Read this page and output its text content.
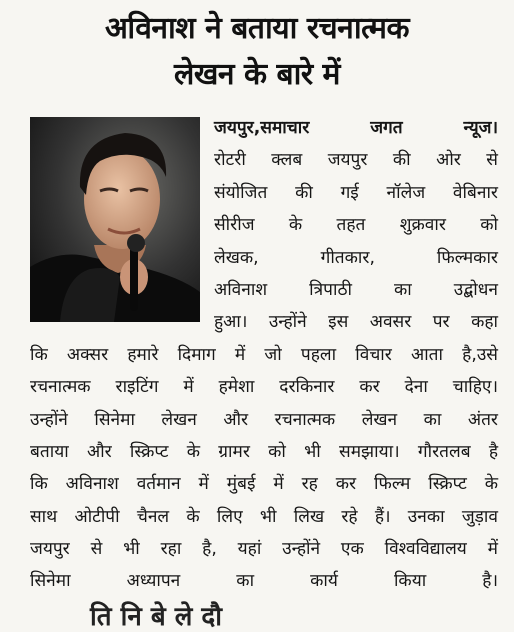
अविनाश ने बताया रचनात्मक
लेखन के बारे में
जयपुर,समाचार जगत न्यूज।
रोटरी क्लब जयपुर की ओर से
संयोजित की गई नॉलेज वेबिनार
सीरीज के तहत शुक्रवार को
लेखक, गीतकार, फिल्मकार
अविनाश त्रिपाठी का उद्बोधन
हुआ। उन्होंने इस अवसर पर कहा
कि अक्सर हमारे दिमाग में जो पहला विचार आता है,उसे
रचनात्मक राइटिंग में हमेशा दरकिनार कर देना चाहिए।
उन्होंने सिनेमा लेखन और रचनात्मक लेखन का अंतर
बताया और स्क्रिप्ट के ग्रामर को भी समझाया। गौरतलब है
कि अविनाश वर्तमान में मुंबई में रह कर फिल्म स्क्रिप्ट के
साथ ओटीपी चैनल के लिए भी लिख रहे हैं। उनका जुड़ाव
जयपुर से भी रहा है, यहां उन्होंने एक विश्वविद्यालय में
सिनेमा अध्यापन का कार्य किया है।
ति नि बे ले दौ
